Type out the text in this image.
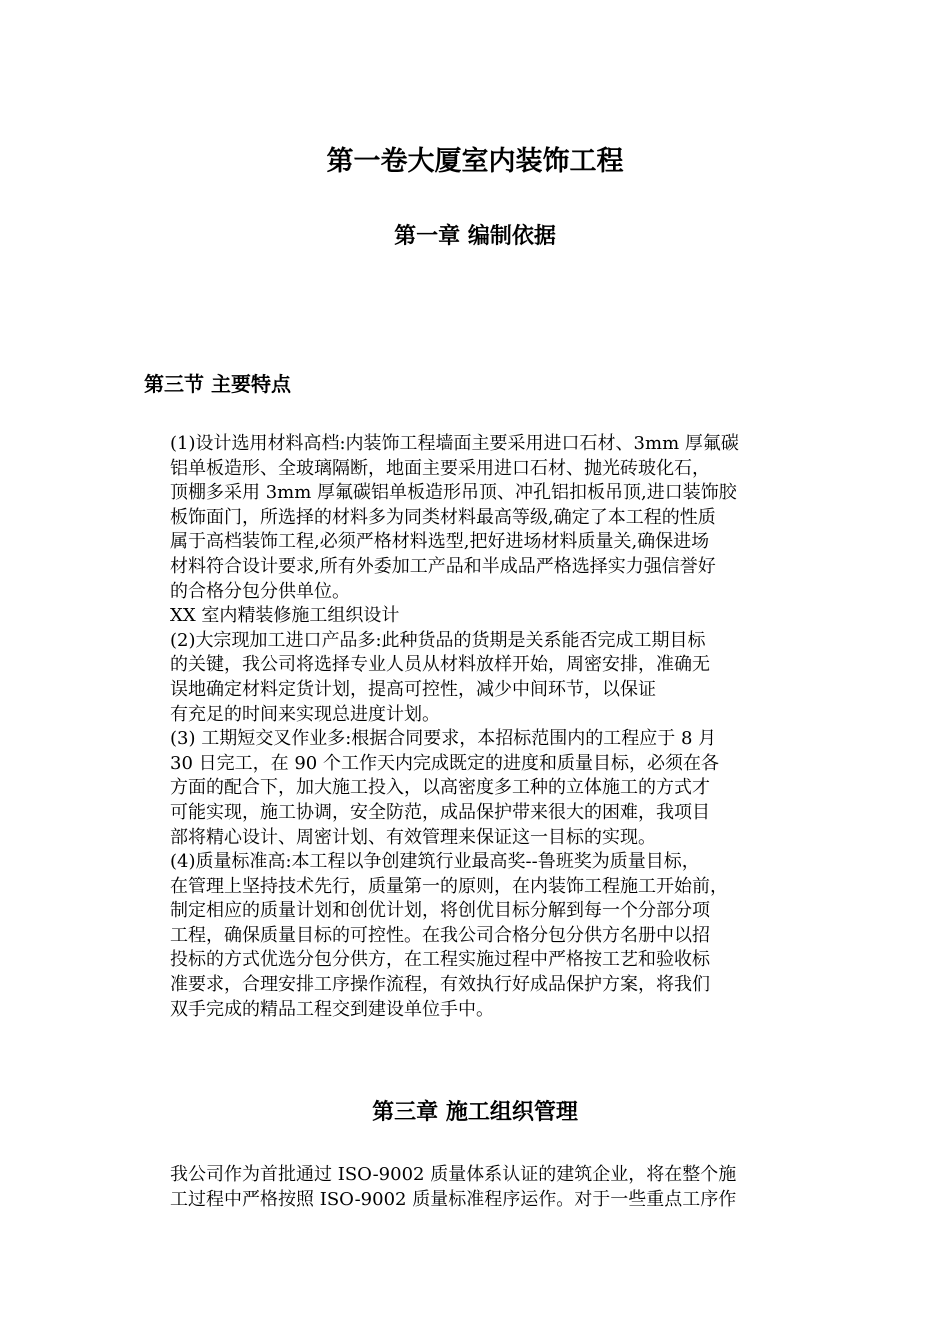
第一卷大厦室内装饰工程
第一章 编制依据
第三节 主要特点
(1)设计选用材料高档:内装饰工程墙面主要采用进口石材、3mm 厚氟碳
铝单板造形、全玻璃隔断，地面主要采用进口石材、抛光砖玻化石，
顶棚多采用 3mm 厚氟碳铝单板造形吊顶、冲孔铝扣板吊顶,进口装饰胶
板饰面门，所选择的材料多为同类材料最高等级,确定了本工程的性质
属于高档装饰工程,必须严格材料选型,把好进场材料质量关,确保进场
材料符合设计要求,所有外委加工产品和半成品严格选择实力强信誉好
的合格分包分供单位。
XX 室内精装修施工组织设计
(2)大宗现加工进口产品多:此种货品的货期是关系能否完成工期目标
的关键，我公司将选择专业人员从材料放样开始，周密安排，准确无
误地确定材料定货计划，提高可控性，减少中间环节，以保证
有充足的时间来实现总进度计划。
(3) 工期短交叉作业多:根据合同要求，本招标范围内的工程应于 8 月
30 日完工，在 90 个工作天内完成既定的进度和质量目标，必须在各
方面的配合下，加大施工投入，以高密度多工种的立体施工的方式才
可能实现，施工协调，安全防范，成品保护带来很大的困难，我项目
部将精心设计、周密计划、有效管理来保证这一目标的实现。
(4)质量标准高:本工程以争创建筑行业最高奖--鲁班奖为质量目标，
在管理上坚持技术先行，质量第一的原则，在内装饰工程施工开始前，
制定相应的质量计划和创优计划，将创优目标分解到每一个分部分项
工程，确保质量目标的可控性。在我公司合格分包分供方名册中以招
投标的方式优选分包分供方，在工程实施过程中严格按工艺和验收标
准要求，合理安排工序操作流程，有效执行好成品保护方案，将我们
双手完成的精品工程交到建设单位手中。
第三章 施工组织管理
我公司作为首批通过 ISO-9002 质量体系认证的建筑企业，将在整个施
工过程中严格按照 ISO-9002 质量标准程序运作。对于一些重点工序作
